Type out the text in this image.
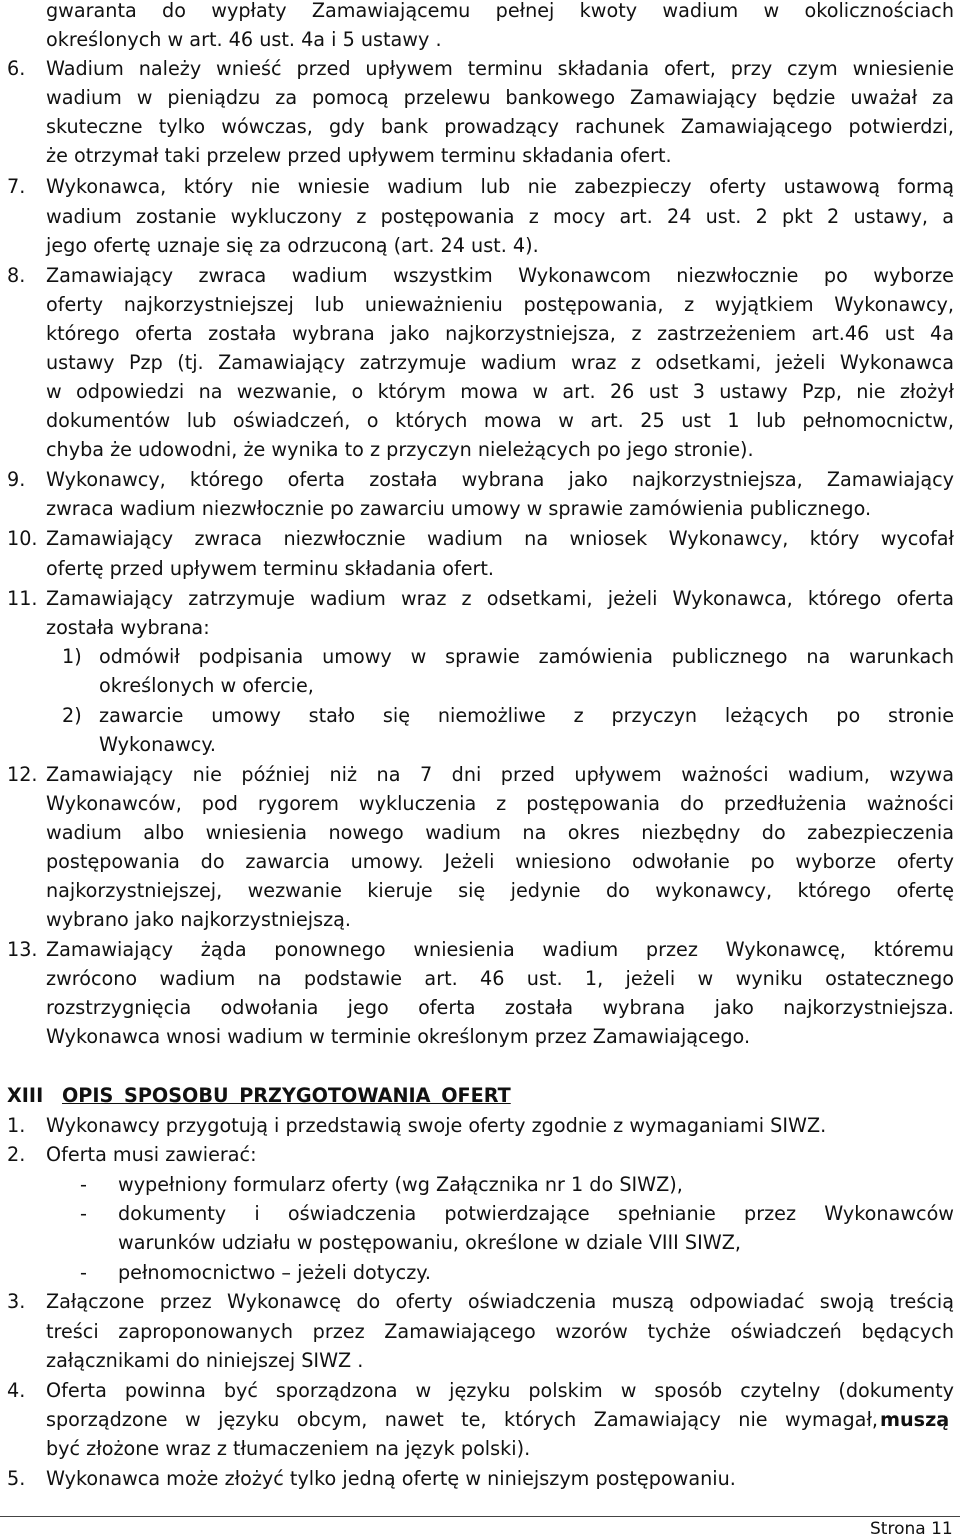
gwaranta do wypłaty Zamawiającemu pełnej kwoty wadium w okolicznościach
określonych w art. 46 ust. 4a i 5 ustawy .
6. Wadium należy wnieść przed upływem terminu składania ofert, przy czym wniesienie
wadium w pieniądzu za pomocą przelewu bankowego Zamawiający będzie uważał za
skuteczne tylko wówczas, gdy bank prowadzący rachunek Zamawiającego potwierdzi,
że otrzymał taki przelew przed upływem terminu składania ofert.
7. Wykonawca, który nie wniesie wadium lub nie zabezpieczy oferty ustawową formą
wadium zostanie wykluczony z postępowania z mocy art. 24 ust. 2 pkt 2 ustawy, a
jego ofertę uznaje się za odrzuconą (art. 24 ust. 4).
8. Zamawiający zwraca wadium wszystkim Wykonawcom niezwłocznie po wyborze
oferty najkorzystniejszej lub unieważnieniu postępowania, z wyjątkiem Wykonawcy,
którego oferta została wybrana jako najkorzystniejsza, z zastrzeżeniem art.46 ust 4a
ustawy Pzp (tj. Zamawiający zatrzymuje wadium wraz z odsetkami, jeżeli Wykonawca
w odpowiedzi na wezwanie, o którym mowa w art. 26 ust 3 ustawy Pzp, nie złożył
dokumentów lub oświadczeń, o których mowa w art. 25 ust 1 lub pełnomocnictw,
chyba że udowodni, że wynika to z przyczyn nieleżących po jego stronie).
9. Wykonawcy, którego oferta została wybrana jako najkorzystniejsza, Zamawiający
zwraca wadium niezwłocznie po zawarciu umowy w sprawie zamówienia publicznego.
10. Zamawiający zwraca niezwłocznie wadium na wniosek Wykonawcy, który wycofał
ofertę przed upływem terminu składania ofert.
11. Zamawiający zatrzymuje wadium wraz z odsetkami, jeżeli Wykonawca, którego oferta
została wybrana:
1) odmówił podpisania umowy w sprawie zamówienia publicznego na warunkach
określonych w ofercie,
2) zawarcie umowy stało się niemożliwe z przyczyn leżących po stronie
Wykonawcy.
12. Zamawiający nie później niż na 7 dni przed upływem ważności wadium, wzywa
Wykonawców, pod rygorem wykluczenia z postępowania do przedłużenia ważności
wadium albo wniesienia nowego wadium na okres niezbędny do zabezpieczenia
postępowania do zawarcia umowy. Jeżeli wniesiono odwołanie po wyborze oferty
najkorzystniejszej, wezwanie kieruje się jedynie do wykonawcy, którego ofertę
wybrano jako najkorzystniejszą.
13. Zamawiający żąda ponownego wniesienia wadium przez Wykonawcę, któremu
zwrócono wadium na podstawie art. 46 ust. 1, jeżeli w wyniku ostatecznego
rozstrzygnięcia odwołania jego oferta została wybrana jako najkorzystniejsza.
Wykonawca wnosi wadium w terminie określonym przez Zamawiającego.
XIII OPIS SPOSOBU PRZYGOTOWANIA OFERT
1. Wykonawcy przygotują i przedstawią swoje oferty zgodnie z wymaganiami SIWZ.
2. Oferta musi zawierać:
- wypełniony formularz oferty (wg Załącznika nr 1 do SIWZ),
- dokumenty i oświadczenia potwierdzające spełnianie przez Wykonawców
warunków udziału w postępowaniu, określone w dziale VIII SIWZ,
- pełnomocnictwo – jeżeli dotyczy.
3. Załączone przez Wykonawcę do oferty oświadczenia muszą odpowiadać swoją treścią
treści zaproponowanych przez Zamawiającego wzorów tychże oświadczeń będących
załącznikami do niniejszej SIWZ .
4. Oferta powinna być sporządzona w języku polskim w sposób czytelny (dokumenty
sporządzone w języku obcym, nawet te, których Zamawiający nie wymagał, muszą
być złożone wraz z tłumaczeniem na język polski).
5. Wykonawca może złożyć tylko jedną ofertę w niniejszym postępowaniu.
Strona 11
